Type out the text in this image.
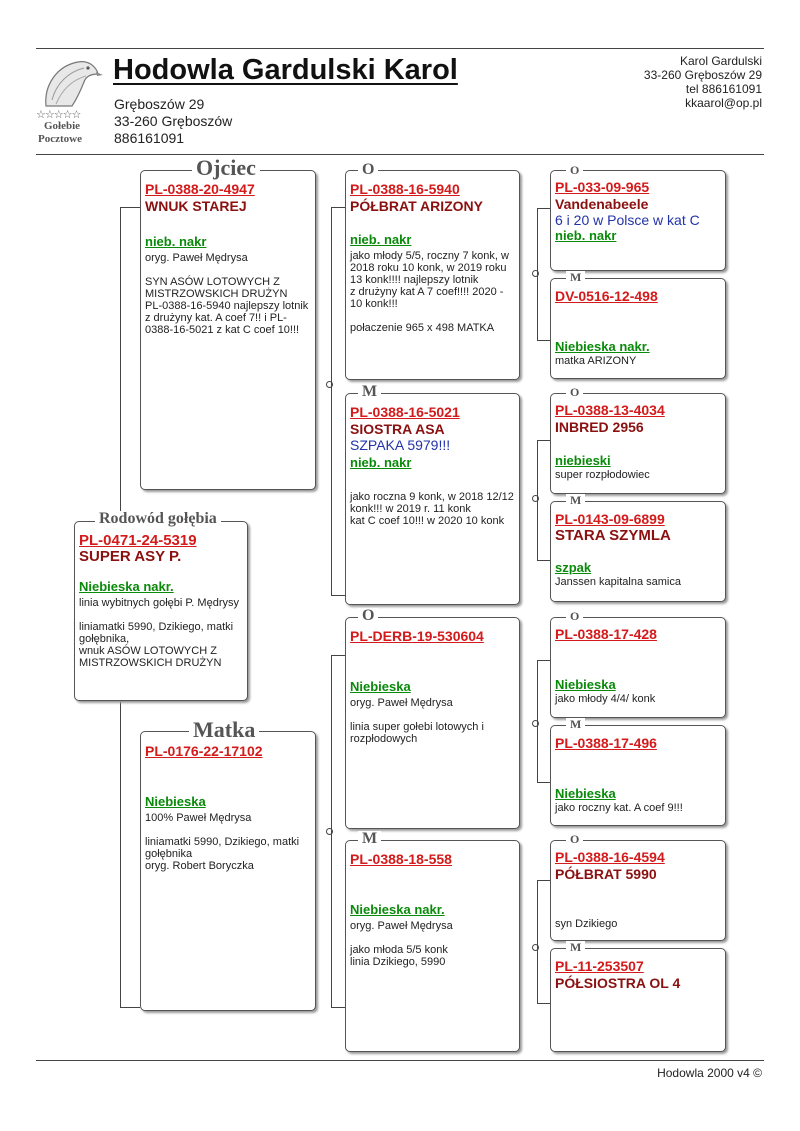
☆☆☆☆☆
Gołebie
Pocztowe
Hodowla Gardulski Karol
Gręboszów 29
33-260 Gręboszów
886161091
Karol Gardulski
33-260 Gręboszów 29
tel 886161091
kkaarol@op.pl
PL-0471-24-5319
SUPER ASY P.
Niebieska nakr.
linia wybitnych gołębi P. Mędrysy

liniamatki 5990, Dzikiego, matki gołębnika,
wnuk ASÓW LOTOWYCH Z MISTRZOWSKICH DRUŻYN
Rodowód gołębia
PL-0388-20-4947
WNUK STAREJ
nieb. nakr
oryg. Paweł Mędrysa

SYN ASÓW LOTOWYCH Z MISTRZOWSKICH DRUŻYN
PL-0388-16-5940 najlepszy lotnik z drużyny kat. A coef 7!! i PL-0388-16-5021 z kat C coef 10!!!
Ojciec
PL-0176-22-17102
Niebieska
100% Paweł Mędrysa

liniamatki 5990, Dzikiego, matki gołębnika
oryg. Robert Boryczka
Matka
PL-0388-16-5940
PÓŁBRAT ARIZONY
nieb. nakr
jako młody 5/5, roczny 7 konk, w 2018 roku 10 konk, w 2019 roku 13 konk!!!! najlepszy lotnik
z drużyny kat A 7 coef!!!! 2020 -
10 konk!!!

połaczenie 965 x 498 MATKA
O
PL-0388-16-5021
SIOSTRA ASA
SZPAKA 5979!!!
nieb. nakr
jako roczna 9 konk, w 2018 12/12 konk!!! w 2019 r. 11 konk
kat C coef 10!!! w 2020 10 konk
M
PL-DERB-19-530604
Niebieska
oryg. Paweł Mędrysa

linia super gołebi lotowych i rozpłodowych
O
PL-0388-18-558
Niebieska nakr.
oryg. Paweł Mędrysa

jako młoda 5/5 konk
linia Dzikiego, 5990
M
PL-033-09-965
Vandenabeele
6 i 20 w Polsce w kat C
nieb. nakr
O
DV-0516-12-498
Niebieska nakr.
matka ARIZONY
M
PL-0388-13-4034
INBRED 2956
niebieski
super rozpłodowiec
O
PL-0143-09-6899
STARA SZYMLA
szpak
Janssen kapitalna samica
M
PL-0388-17-428
Niebieska
jako młody 4/4/ konk
O
PL-0388-17-496
Niebieska
jako roczny kat. A coef 9!!!
M
PL-0388-16-4594
PÓŁBRAT 5990
syn Dzikiego
O
PL-11-253507
PÓŁSIOSTRA OL 4
M
Hodowla 2000 v4 ©
